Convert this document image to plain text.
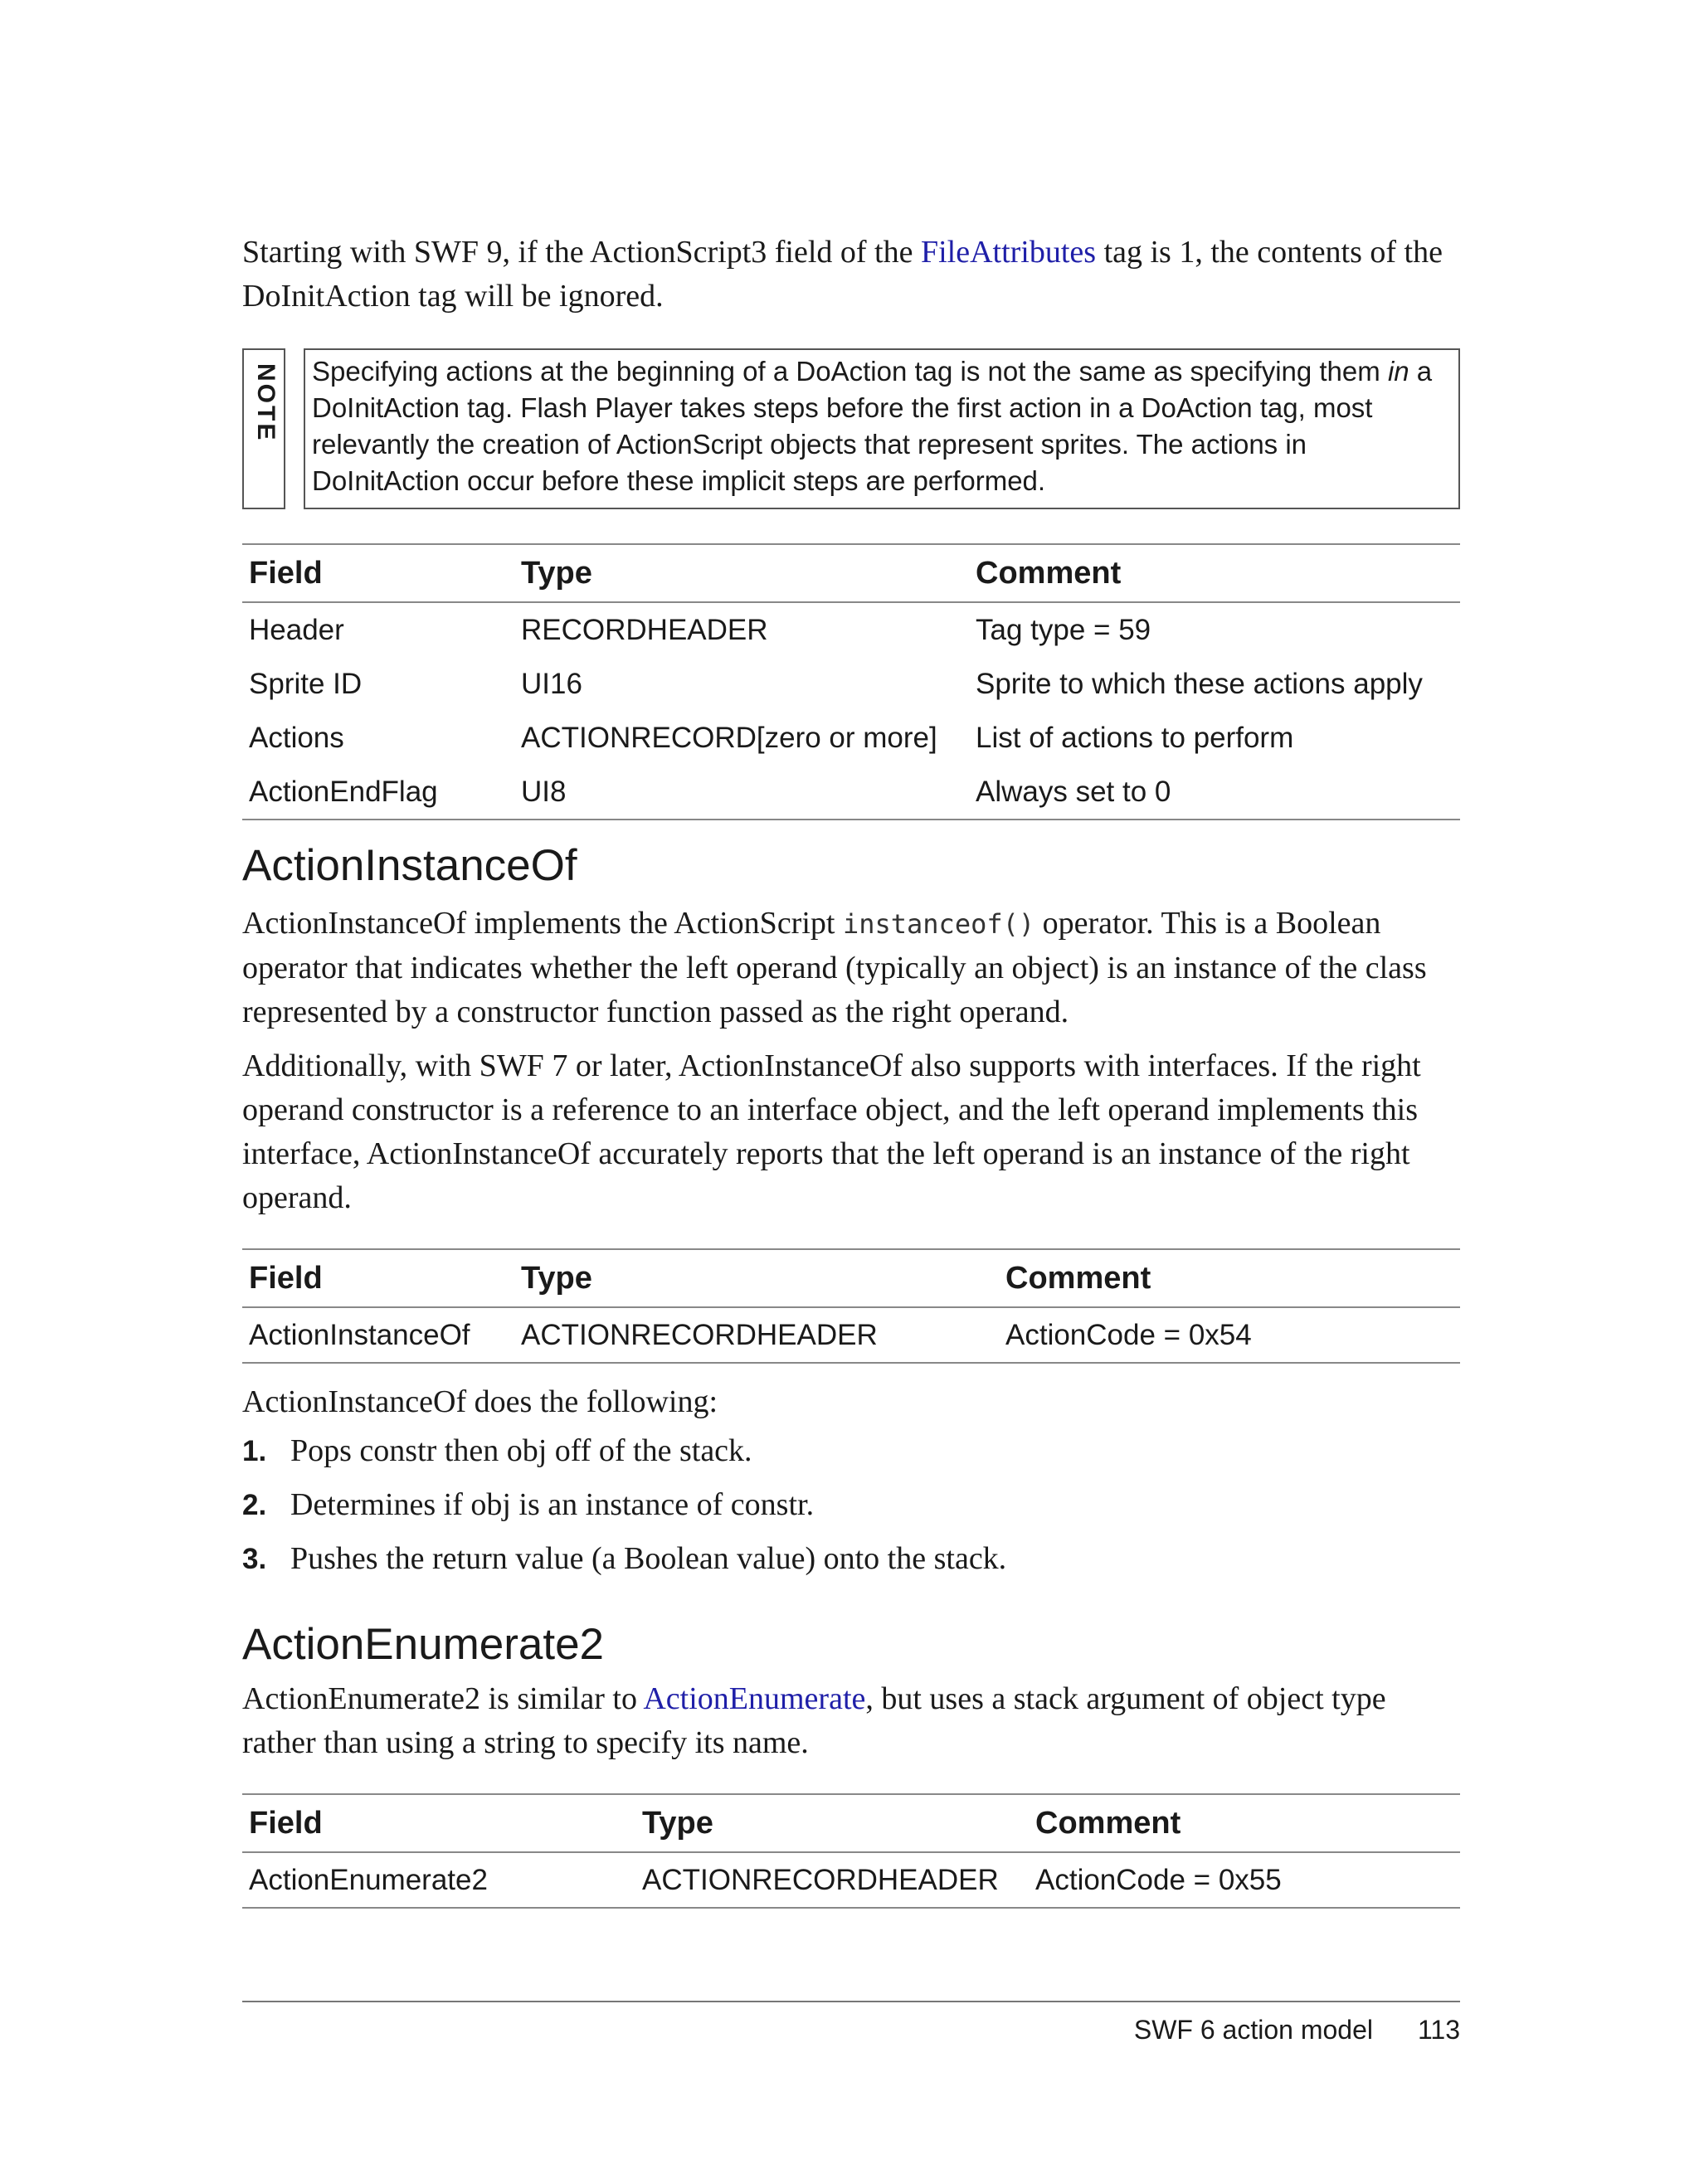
Starting with SWF 9, if the ActionScript3 field of the FileAttributes tag is 1, the contents of the DoInitAction tag will be ignored.

NOTE	Specifying actions at the beginning of a DoAction tag is not the same as specifying them in a DoInitAction tag. Flash Player takes steps before the first action in a DoAction tag, most relevantly the creation of ActionScript objects that represent sprites. The actions in DoInitAction occur before these implicit steps are performed.
Field	Type	Comment
Header	RECORDHEADER	Tag type = 59
Sprite ID	UI16	Sprite to which these actions apply
Actions	ACTIONRECORD[zero or more]	List of actions to perform
ActionEndFlag	UI8	Always set to 0
ActionInstanceOf

ActionInstanceOf implements the ActionScript instanceof() operator. This is a Boolean operator that indicates whether the left operand (typically an object) is an instance of the class represented by a constructor function passed as the right operand.

Additionally, with SWF 7 or later, ActionInstanceOf also supports with interfaces. If the right operand constructor is a reference to an interface object, and the left operand implements this interface, ActionInstanceOf accurately reports that the left operand is an instance of the right operand.

Field	Type	Comment
ActionInstanceOf	ACTIONRECORDHEADER	ActionCode = 0x54

ActionInstanceOf does the following:

1. Pops constr then obj off of the stack.
2. Determines if obj is an instance of constr.
3. Pushes the return value (a Boolean value) onto the stack.
ActionEnumerate2

ActionEnumerate2 is similar to ActionEnumerate, but uses a stack argument of object type rather than using a string to specify its name.

Field	Type	Comment
ActionEnumerate2	ACTIONRECORDHEADER	ActionCode = 0x55
SWF 6 action model 113
